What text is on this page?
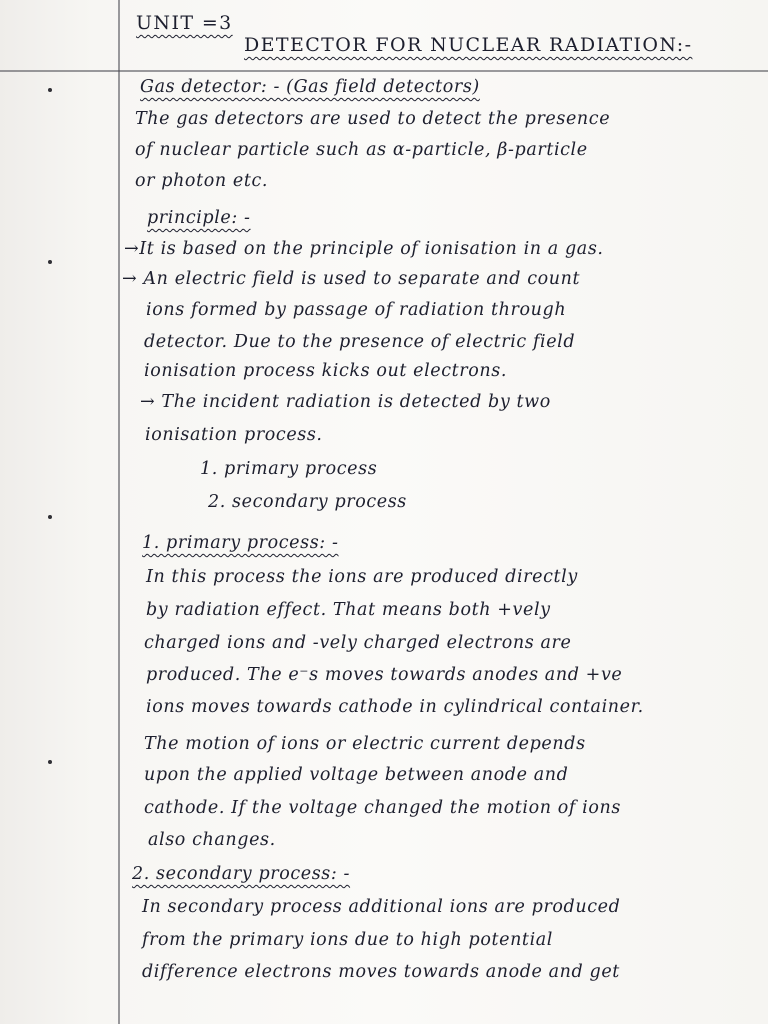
UNIT =3
DETECTOR FOR NUCLEAR RADIATION:-
Gas detector: - (Gas field detectors)
The gas detectors are used to detect the presence
of nuclear particle such as α-particle, β-particle
or photon etc.
principle: -
→It is based on the principle of ionisation in a gas.
→ An electric field is used to separate and count
ions formed by passage of radiation through
detector. Due to the presence of electric field
ionisation process kicks out electrons.
→ The incident radiation is detected by two
ionisation process.
1. primary process
2. secondary process
1. primary process: -
In this process the ions are produced directly
by radiation effect. That means both +vely
charged ions and -vely charged electrons are
produced. The e⁻s moves towards anodes and +ve
ions moves towards cathode in cylindrical container.
The motion of ions or electric current depends
upon the applied voltage between anode and
cathode. If the voltage changed the motion of ions
also changes.
2. secondary process: -
In secondary process additional ions are produced
from the primary ions due to high potential
difference electrons moves towards anode and get
